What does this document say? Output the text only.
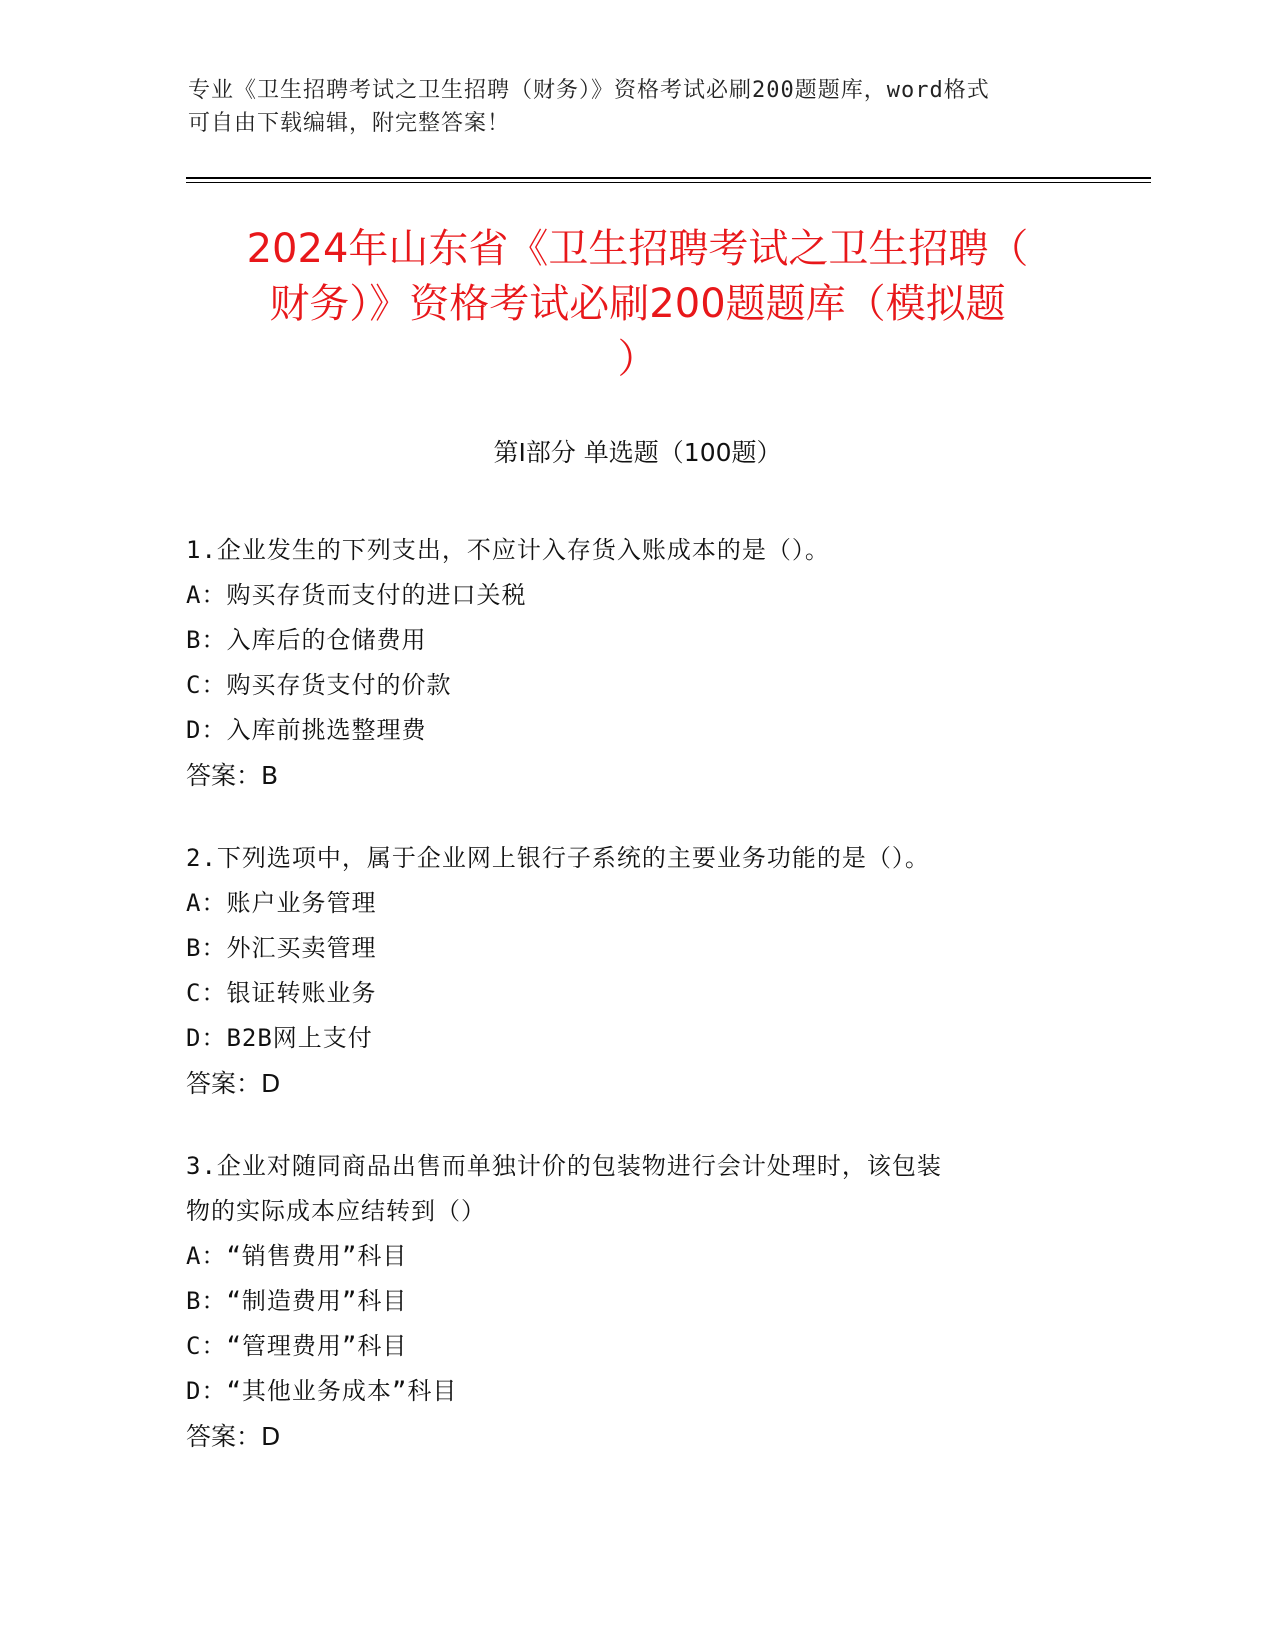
专业《卫生招聘考试之卫生招聘（财务）》资格考试必刷200题题库，word格式
可自由下载编辑，附完整答案！
2024年山东省《卫生招聘考试之卫生招聘（
财务）》资格考试必刷200题题库（模拟题
）
第I部分 单选题（100题）
1.企业发生的下列支出，不应计入存货入账成本的是（）。
A：购买存货而支付的进口关税
B：入库后的仓储费用
C：购买存货支付的价款
D：入库前挑选整理费
答案：B
2.下列选项中，属于企业网上银行子系统的主要业务功能的是（）。
A：账户业务管理
B：外汇买卖管理
C：银证转账业务
D：B2B网上支付
答案：D
3.企业对随同商品出售而单独计价的包装物进行会计处理时，该包装
物的实际成本应结转到（）
A：“销售费用”科目
B：“制造费用”科目
C：“管理费用”科目
D：“其他业务成本”科目
答案：D
